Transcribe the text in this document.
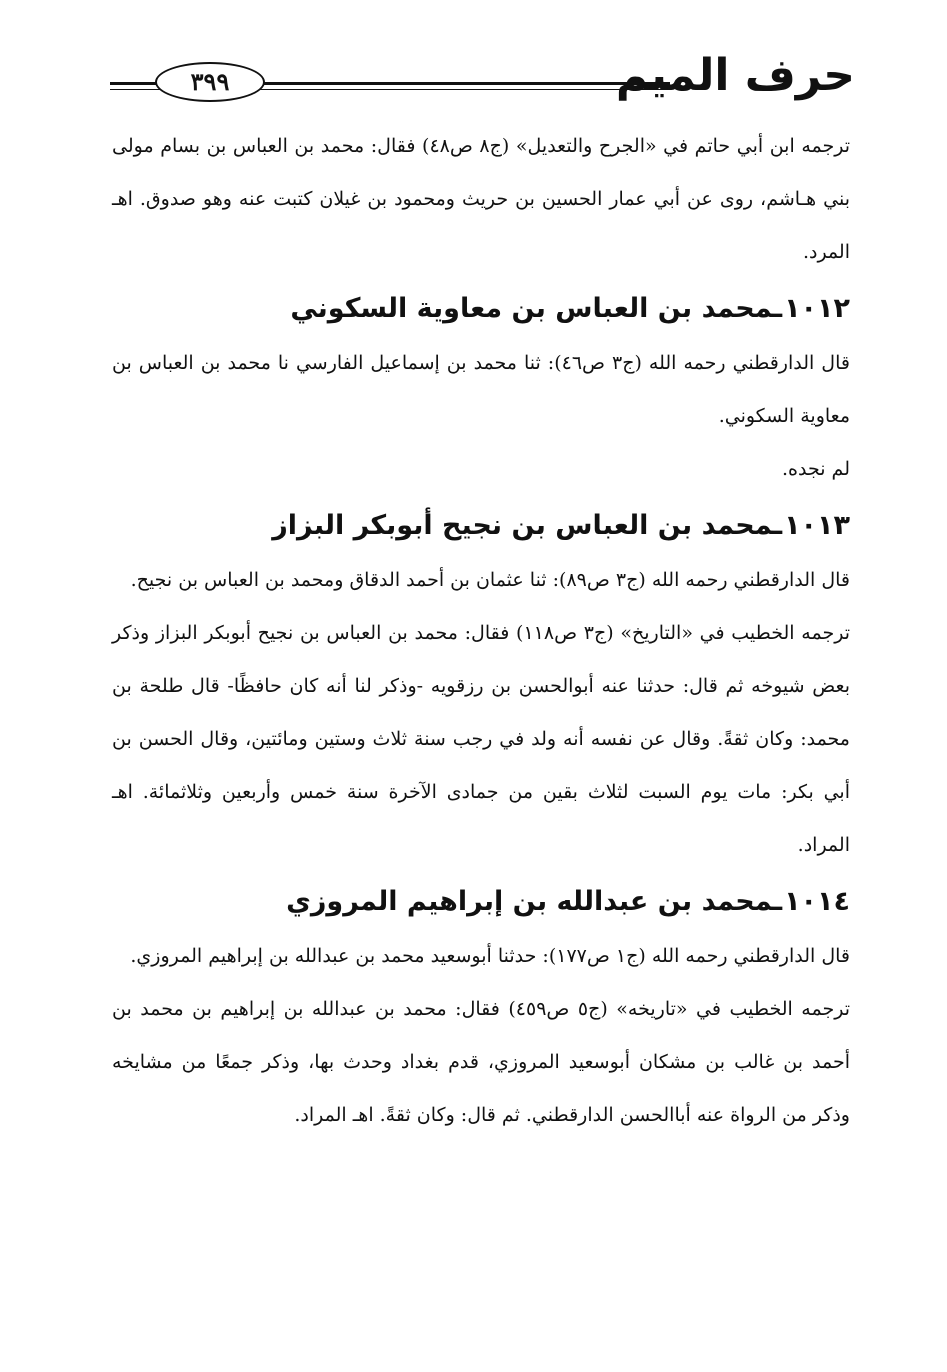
حرف الميم
٣٩٩

ترجمه ابن أبي حاتم في «الجرح والتعديل» (ج٨ ص٤٨) فقال: محمد بن العباس بن بسام مولى بني هـاشم، روى عن أبي عمار الحسين بن حريث ومحمود بن غيلان كتبت عنه وهو صدوق. اهـ المرد.

١٠١٢ـمحمد بن العباس بن معاوية السكوني

قال الدارقطني رحمه الله (ج٣ ص٤٦): ثنا محمد بن إسماعيل الفارسي نا محمد بن العباس بن معاوية السكوني.

لم نجده.

١٠١٣ـمحمد بن العباس بن نجيح أبوبكر البزاز

قال الدارقطني رحمه الله (ج٣ ص٨٩): ثنا عثمان بن أحمد الدقاق ومحمد بن العباس بن نجيح.

ترجمه الخطيب في «التاريخ» (ج٣ ص١١٨) فقال: محمد بن العباس بن نجيح أبوبكر البزاز وذكر بعض شيوخه ثم قال: حدثنا عنه أبوالحسن بن رزقويه -وذكر لنا أنه كان حافظًا- قال طلحة بن محمد: وكان ثقةً. وقال عن نفسه أنه ولد في رجب سنة ثلاث وستين ومائتين، وقال الحسن بن أبي بكر: مات يوم السبت لثلاث بقين من جمادى الآخرة سنة خمس وأربعين وثلاثمائة. اهـ المراد.

١٠١٤ـمحمد بن عبدالله بن إبراهيم المروزي

قال الدارقطني رحمه الله (ج١ ص١٧٧): حدثنا أبوسعيد محمد بن عبدالله بن إبراهيم المروزي.

ترجمه الخطيب في «تاريخه» (ج٥ ص٤٥٩) فقال: محمد بن عبدالله بن إبراهيم بن محمد بن أحمد بن غالب بن مشكان أبوسعيد المروزي، قدم بغداد وحدث بها، وذكر جمعًا من مشايخه وذكر من الرواة عنه أباالحسن الدارقطني. ثم قال: وكان ثقةً. اهـ المراد.
